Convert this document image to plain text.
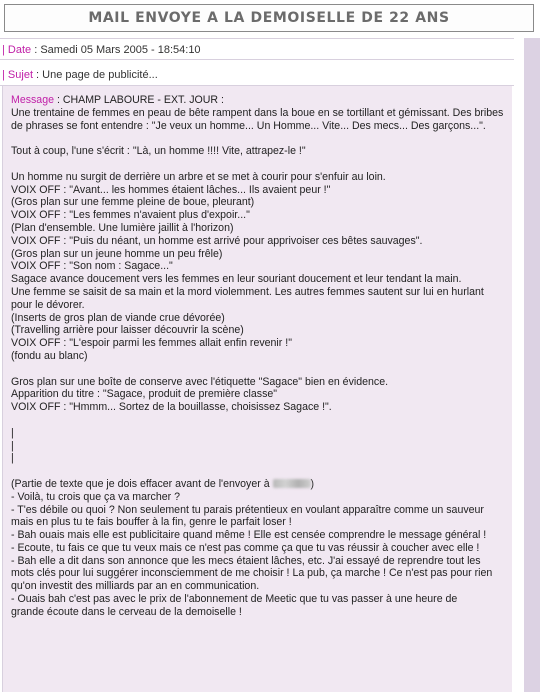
MAIL ENVOYE A LA DEMOISELLE DE 22 ANS
| Date : Samedi 05 Mars 2005 - 18:54:10
| Sujet : Une page de publicité...
Message : CHAMP LABOURE - EXT. JOUR :
Une trentaine de femmes en peau de bête rampent dans la boue en se tortillant et gémissant. Des bribes
de phrases se font entendre : "Je veux un homme... Un Homme... Vite... Des mecs... Des garçons...".
Tout à coup, l'une s'écrit : "Là, un homme !!!! Vite, attrapez-le !"
Un homme nu surgit de derrière un arbre et se met à courir pour s'enfuir au loin.
VOIX OFF : "Avant... les hommes étaient lâches... Ils avaient peur !"
(Gros plan sur une femme pleine de boue, pleurant)
VOIX OFF : "Les femmes n'avaient plus d'expoir..."
(Plan d'ensemble. Une lumière jaillit à l'horizon)
VOIX OFF : "Puis du néant, un homme est arrivé pour apprivoiser ces bêtes sauvages".
(Gros plan sur un jeune homme un peu frêle)
VOIX OFF : "Son nom : Sagace..."
Sagace avance doucement vers les femmes en leur souriant doucement et leur tendant la main.
Une femme se saisit de sa main et la mord violemment. Les autres femmes sautent sur lui en hurlant
pour le dévorer.
(Inserts de gros plan de viande crue dévorée)
(Travelling arrière pour laisser découvrir la scène)
VOIX OFF : "L'espoir parmi les femmes allait enfin revenir !"
(fondu au blanc)
Gros plan sur une boîte de conserve avec l'étiquette "Sagace" bien en évidence.
Apparition du titre : "Sagace, produit de première classe"
VOIX OFF : "Hmmm... Sortez de la bouillasse, choisissez Sagace !".
|
|
|
(Partie de texte que je dois effacer avant de l'envoyer à	)
- Voilà, tu crois que ça va marcher ?
- T'es débile ou quoi ? Non seulement tu parais prétentieux en voulant apparaître comme un sauveur
mais en plus tu te fais bouffer à la fin, genre le parfait loser !
- Bah ouais mais elle est publicitaire quand même ! Elle est censée comprendre le message général !
- Ecoute, tu fais ce que tu veux mais ce n'est pas comme ça que tu vas réussir à coucher avec elle !
- Bah elle a dit dans son annonce que les mecs étaient lâches, etc. J'ai essayé de reprendre tout les
mots clés pour lui suggérer inconsciemment de me choisir ! La pub, ça marche ! Ce n'est pas pour rien
qu'on investit des milliards par an en communication.
- Ouais bah c'est pas avec le prix de l'abonnement de Meetic que tu vas passer à une heure de
grande écoute dans le cerveau de la demoiselle !
